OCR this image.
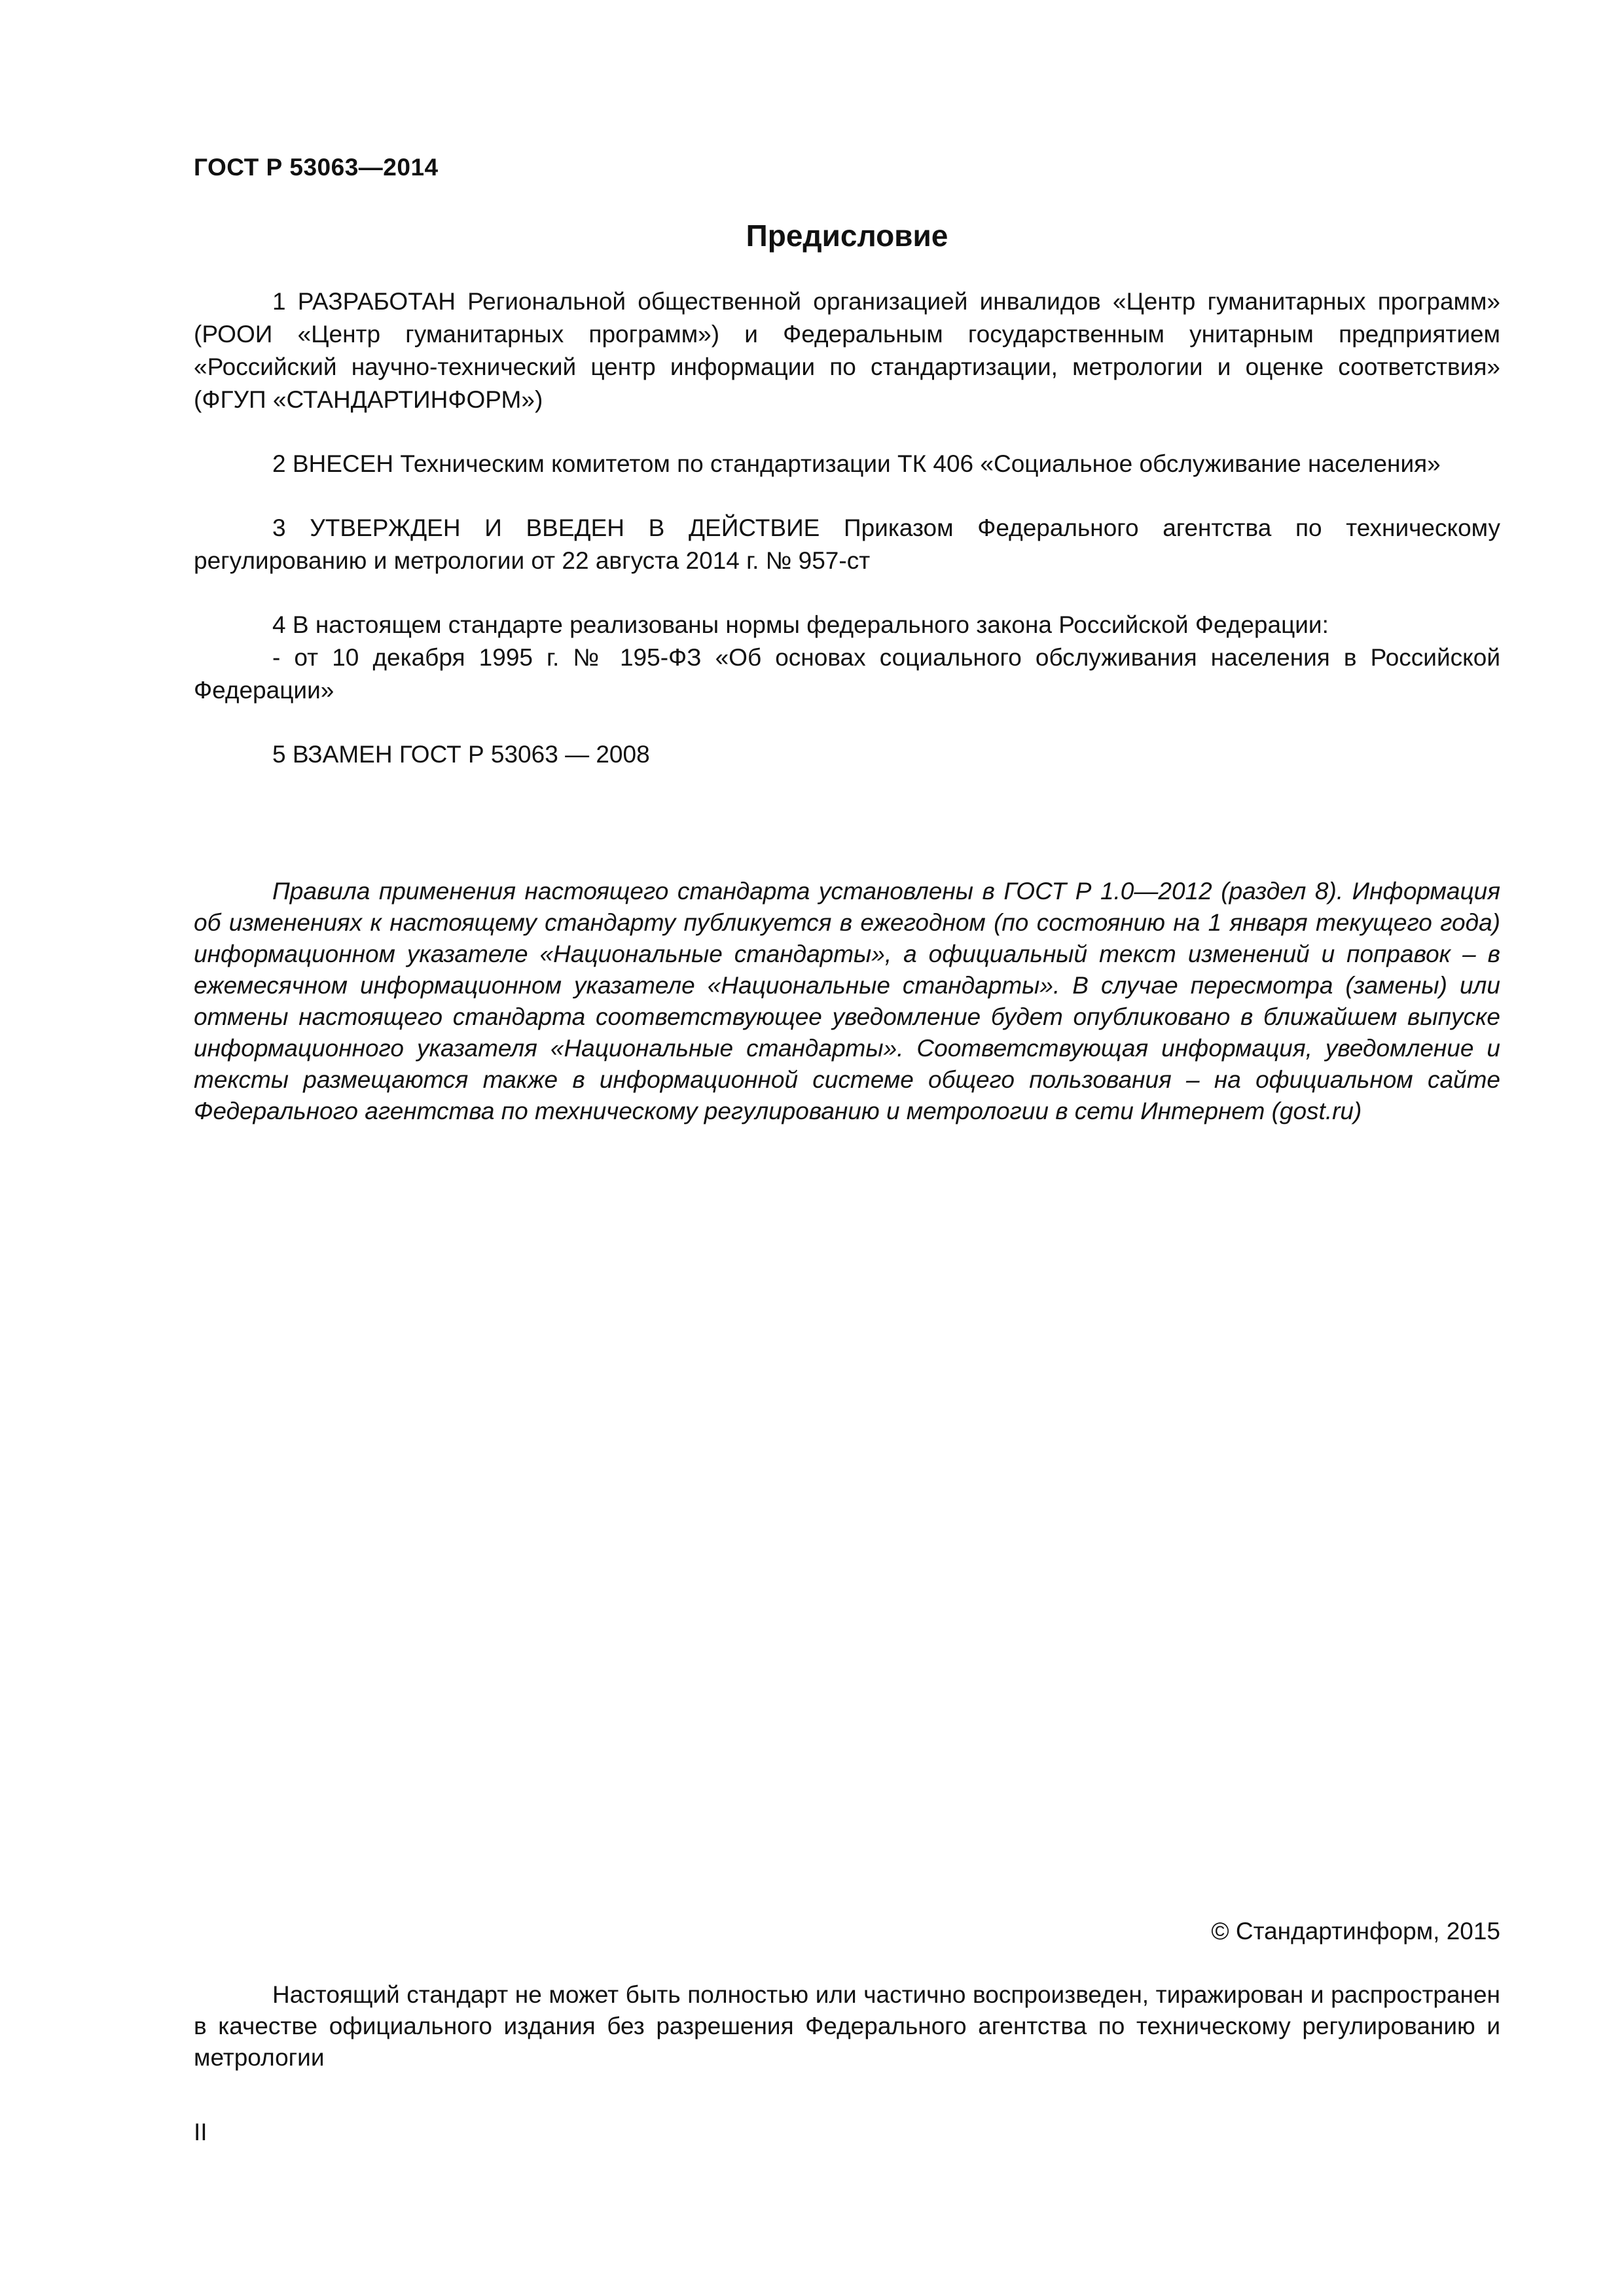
ГОСТ Р 53063—2014
Предисловие

1 РАЗРАБОТАН Региональной общественной организацией инвалидов «Центр гуманитарных программ» (РООИ «Центр гуманитарных программ») и Федеральным государственным унитарным предприятием «Российский научно-технический центр информации по стандартизации, метрологии и оценке соответствия» (ФГУП «СТАНДАРТИНФОРМ»)

2 ВНЕСЕН Техническим комитетом по стандартизации ТК 406 «Социальное обслуживание населения»

3 УТВЕРЖДЕН И ВВЕДЕН В ДЕЙСТВИЕ Приказом Федерального агентства по техническому регулированию и метрологии от 22 августа 2014 г. № 957-ст

4 В настоящем стандарте реализованы нормы федерального закона Российской Федерации:

- от 10 декабря 1995 г. № 195-ФЗ «Об основах социального обслуживания населения в Российской Федерации»

5 ВЗАМЕН ГОСТ Р 53063 — 2008

Правила применения настоящего стандарта установлены в ГОСТ Р 1.0—2012 (раздел 8). Информация об изменениях к настоящему стандарту публикуется в ежегодном (по состоянию на 1 января текущего года) информационном указателе «Национальные стандарты», а официальный текст изменений и поправок – в ежемесячном информационном указателе «Национальные стандарты». В случае пересмотра (замены) или отмены настоящего стандарта соответствующее уведомление будет опубликовано в ближайшем выпуске информационного указателя «Национальные стандарты». Соответствующая информация, уведомление и тексты размещаются также в информационной системе общего пользования – на официальном сайте Федерального агентства по техническому регулированию и метрологии в сети Интернет (gost.ru)
© Стандартинформ, 2015
Настоящий стандарт не может быть полностью или частично воспроизведен, тиражирован и распространен в качестве официального издания без разрешения Федерального агентства по техническому регулированию и метрологии
II
